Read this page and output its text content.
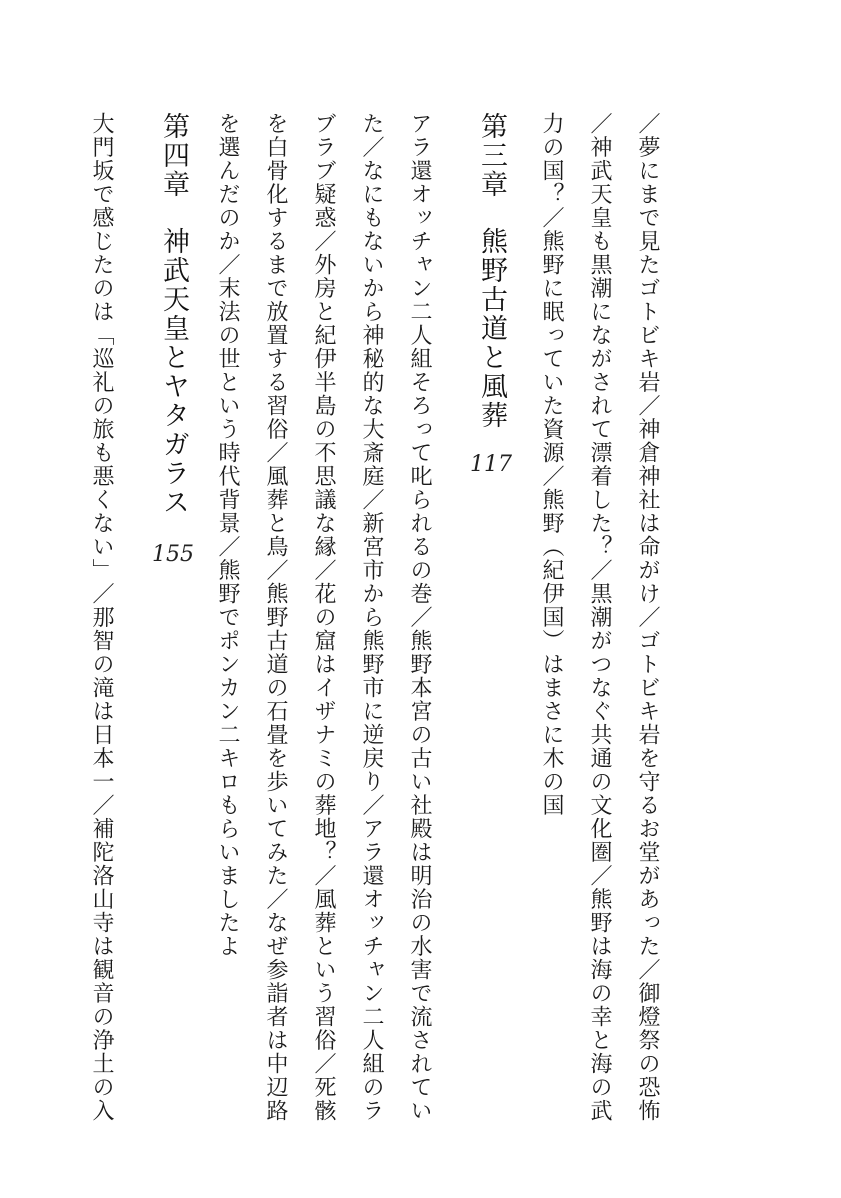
／夢にまで見たゴトビキ岩／神倉神社は命がけ／ゴトビキ岩を守るお堂があった／御燈祭の恐怖
／神武天皇も黒潮にながされて漂着した？／黒潮がつなぐ共通の文化圏／熊野は海の幸と海の武
力の国？／熊野に眠っていた資源／熊野（紀伊国）はまさに木の国
第三章熊野古道と風葬
117
アラ還オッチャン二人組そろって叱られるの巻／熊野本宮の古い社殿は明治の水害で流されてい
た／なにもないから神秘的な大斎庭／新宮市から熊野市に逆戻り／アラ還オッチャン二人組のラ
ブラブ疑惑／外房と紀伊半島の不思議な縁／花の窟はイザナミの葬地？／風葬という習俗／死骸
を白骨化するまで放置する習俗／風葬と鳥／熊野古道の石畳を歩いてみた／なぜ参詣者は中辺路
を選んだのか／末法の世という時代背景／熊野でポンカン二キロもらいましたよ
第四章神武天皇とヤタガラス
155
大門坂で感じたのは「巡礼の旅も悪くない」／那智の滝は日本一／補陀洛山寺は観音の浄土の入
